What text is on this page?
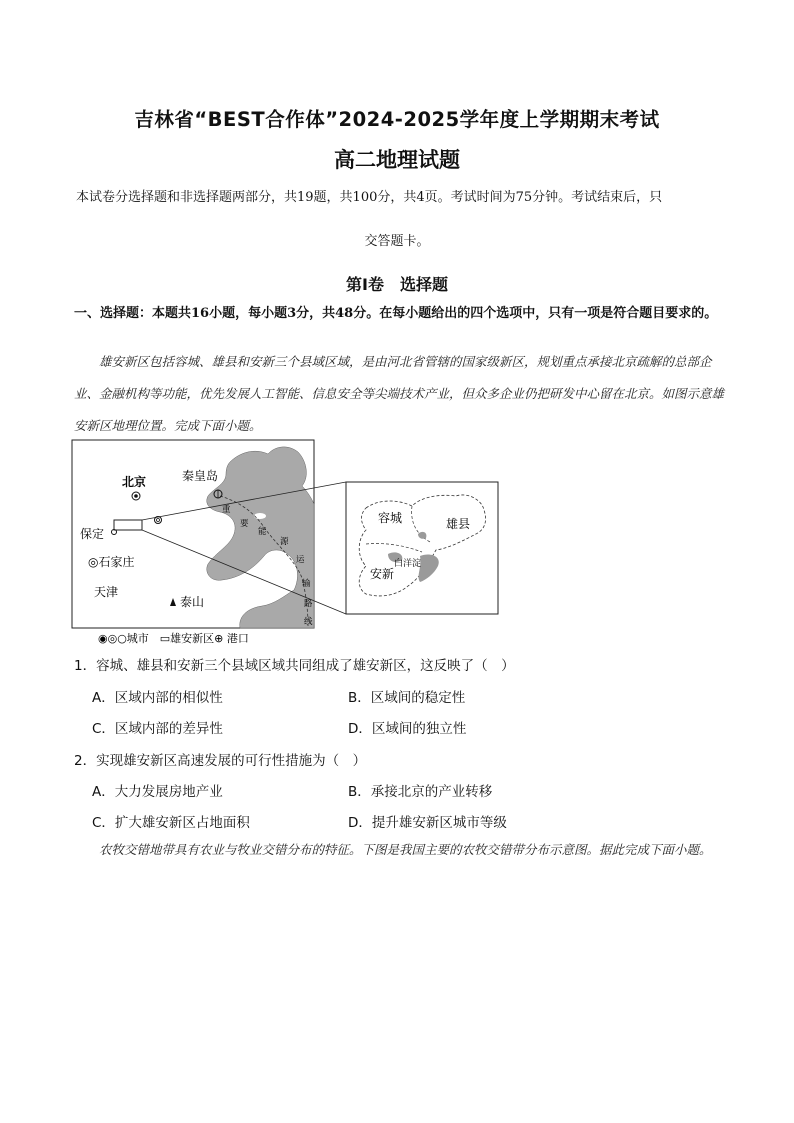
吉林省“BEST合作体”2024-2025学年度上学期期末考试
高二地理试题
本试卷分选择题和非选择题两部分，共19题，共100分，共4页。考试时间为75分钟。考试结束后，只
交答题卡。
第Ⅰ卷　选择题
一、选择题：本题共16小题，每小题3分，共48分。在每小题给出的四个选项中，只有一项是符合题目要求的。
雄安新区包括容城、雄县和安新三个县域区域，是由河北省管辖的国家级新区，规划重点承接北京疏解的总部企业、金融机构等功能，优先发展人工智能、信息安全等尖端技术产业，但众多企业仍把研发中心留在北京。如图示意雄安新区地理位置。完成下面小题。
北京	秦皇岛
保定
◎石家庄
天津
泰山
重
要
能
源
运
输
路
线
容城	雄县
安新
白洋淀
◉◎○城市　▭雄安新区⊕ 港口
1．容城、雄县和安新三个县域区域共同组成了雄安新区，这反映了（　）
A．区域内部的相似性	B．区域间的稳定性
C．区域内部的差异性	D．区域间的独立性
2．实现雄安新区高速发展的可行性措施为（　）
A．大力发展房地产业	B．承接北京的产业转移
C．扩大雄安新区占地面积	D．提升雄安新区城市等级
农牧交错地带具有农业与牧业交错分布的特征。下图是我国主要的农牧交错带分布示意图。据此完成下面小题。
